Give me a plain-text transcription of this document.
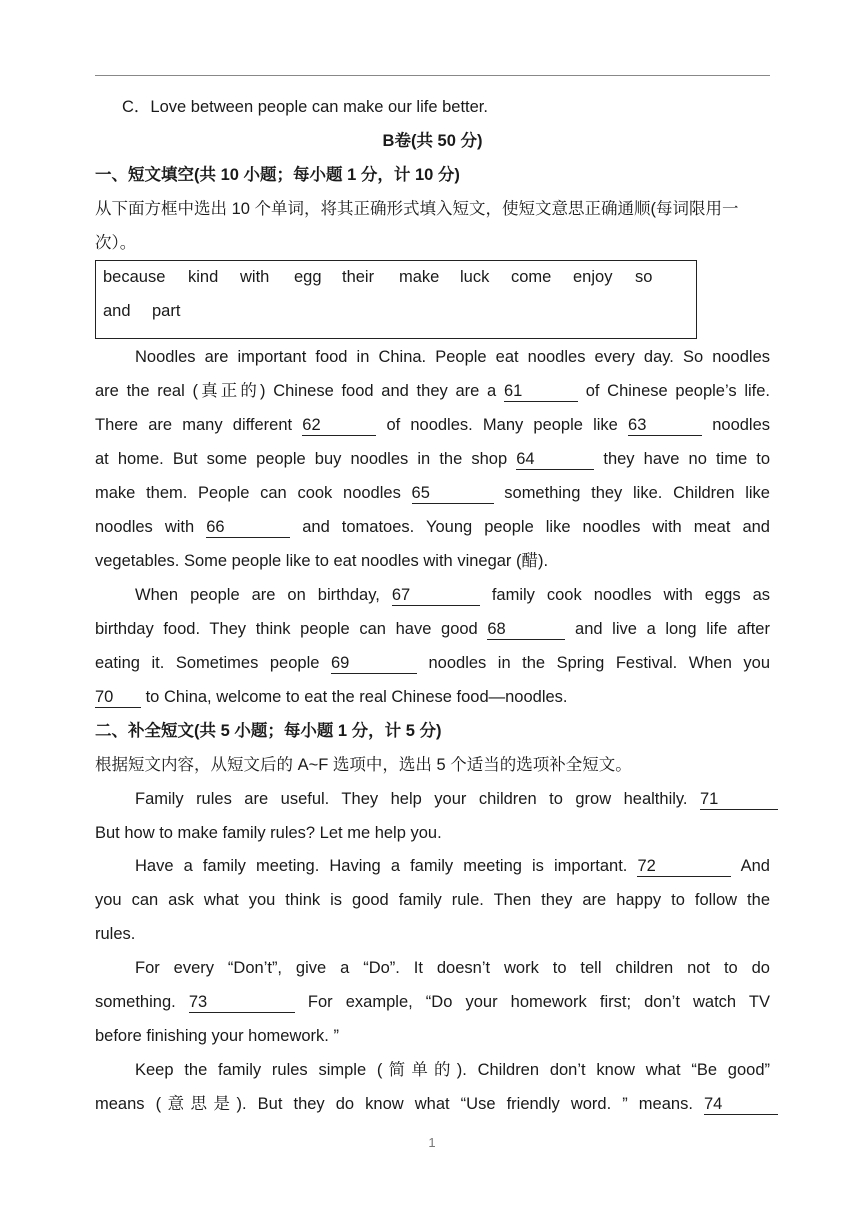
C．Love between people can make our life better.
B卷(共 50 分)
一、短文填空(共 10 小题；每小题 1 分，计 10 分)
从下面方框中选出 10 个单词，将其正确形式填入短文，使短文意思正确通顺(每词限用一
次）。
because kind with egg their make luck come enjoy so
and part
Noodles are important food in China. People eat noodles every day. So noodles
are the real (真正的) Chinese food and they are a 61	of Chinese people’s life.
There are many different 62	of noodles. Many people like 63	noodles
at home. But some people buy noodles in the shop 64	they have no time to
make them. People can cook noodles 65	something they like. Children like
noodles with 66	and tomatoes. Young people like noodles with meat and
vegetables. Some people like to eat noodles with vinegar (醋).
When people are on birthday, 67	family cook noodles with eggs as
birthday food. They think people can have good 68	and live a long life after
eating it. Sometimes people 69	noodles in the Spring Festival. When you
70 to China, welcome to eat the real Chinese food—noodles.
二、补全短文(共 5 小题；每小题 1 分，计 5 分)
根据短文内容，从短文后的 A~F 选项中，选出 5 个适当的选项补全短文。
Family rules are useful. They help your children to grow healthily. 71
But how to make family rules? Let me help you.
Have a family meeting. Having a family meeting is important. 72	And
you can ask what you think is good family rule. Then they are happy to follow the
rules.
For every “Don’t”, give a “Do”. It doesn’t work to tell children not to do
something. 73	For example, “Do your homework first; don’t watch TV
before finishing your homework. ”
Keep the family rules simple (简单的). Children don’t know what “Be good”
means (意思是). But they do know what “Use friendly word. ” means. 74
1
